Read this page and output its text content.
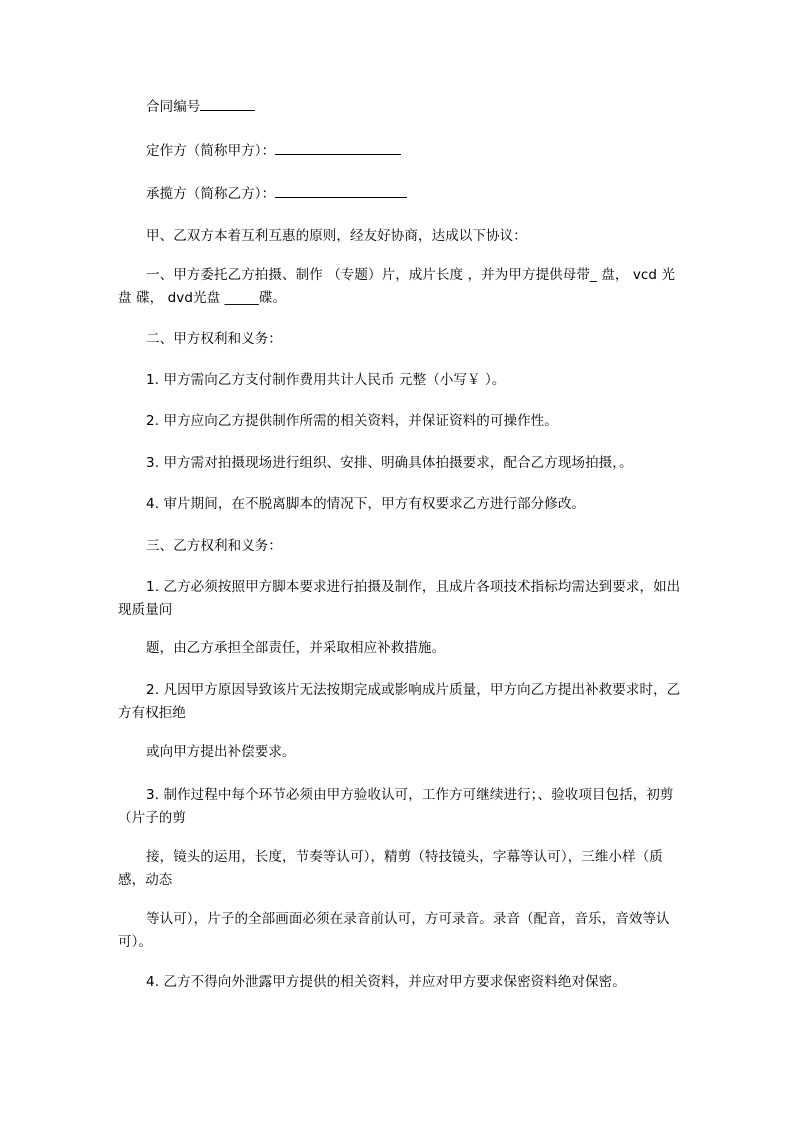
合同编号

定作方（简称甲方）：

承揽方（简称乙方）：

甲、乙双方本着互利互惠的原则，经友好协商，达成以下协议：

一、甲方委托乙方拍摄、制作 （专题）片，成片长度 ，并为甲方提供母带_ 盘， vcd 光盘 碟， dvd光盘 _____碟。

二、甲方权利和义务：

1. 甲方需向乙方支付制作费用共计人民币 元整（小写￥ ）。

2. 甲方应向乙方提供制作所需的相关资料，并保证资料的可操作性。

3. 甲方需对拍摄现场进行组织、安排、明确具体拍摄要求，配合乙方现场拍摄，。

4. 审片期间，在不脱离脚本的情况下，甲方有权要求乙方进行部分修改。

三、乙方权利和义务：

1. 乙方必须按照甲方脚本要求进行拍摄及制作，且成片各项技术指标均需达到要求，如出现质量问

题，由乙方承担全部责任，并采取相应补救措施。

2. 凡因甲方原因导致该片无法按期完成或影响成片质量，甲方向乙方提出补救要求时，乙方有权拒绝

或向甲方提出补偿要求。

3. 制作过程中每个环节必须由甲方验收认可，工作方可继续进行；、验收项目包括，初剪（片子的剪

接，镜头的运用，长度，节奏等认可），精剪（特技镜头，字幕等认可），三维小样（质感，动态

等认可），片子的全部画面必须在录音前认可，方可录音。录音（配音，音乐，音效等认可）。

4. 乙方不得向外泄露甲方提供的相关资料，并应对甲方要求保密资料绝对保密。
